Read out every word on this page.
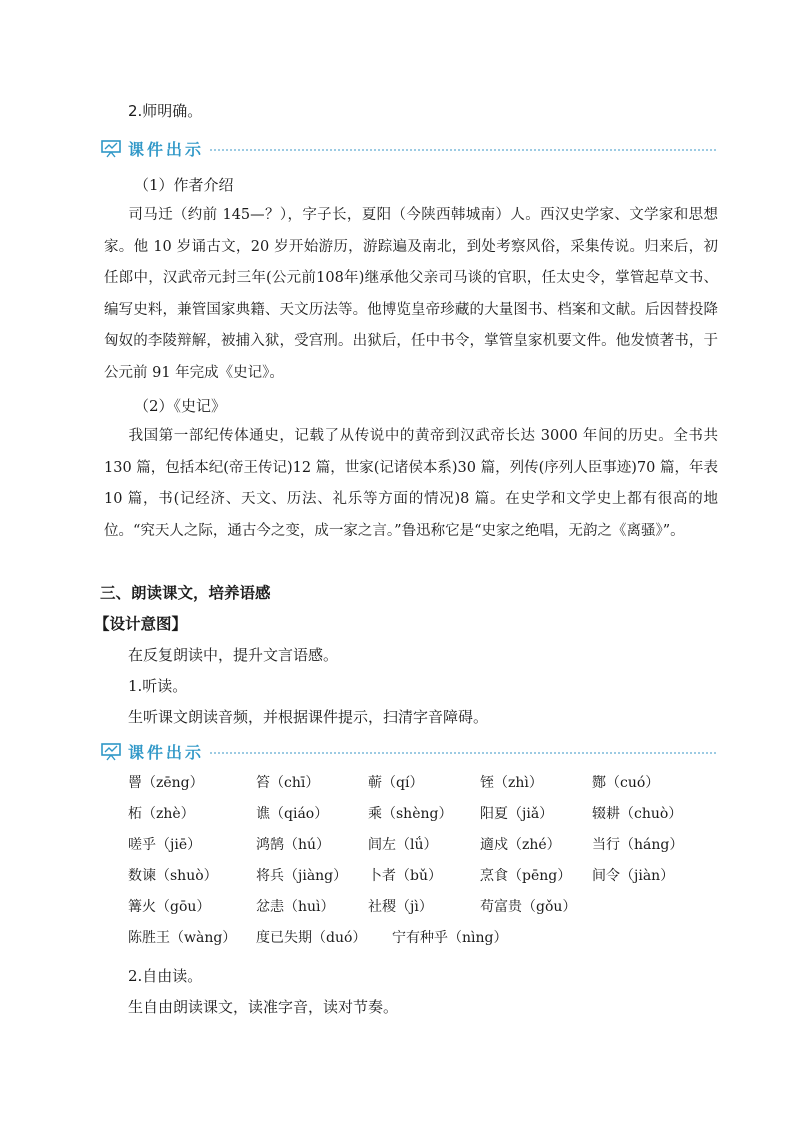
2.师明确。
课件出示
（1）作者介绍
司马迁（约前 145—？），字子长，夏阳（今陕西韩城南）人。西汉史学家、文学家和思想家。他 10 岁诵古文，20 岁开始游历，游踪遍及南北，到处考察风俗，采集传说。归来后，初任郎中，汉武帝元封三年(公元前108年)继承他父亲司马谈的官职，任太史令，掌管起草文书、编写史料，兼管国家典籍、天文历法等。他博览皇帝珍藏的大量图书、档案和文献。后因替投降匈奴的李陵辩解，被捕入狱，受宫刑。出狱后，任中书令，掌管皇家机要文件。他发愤著书，于公元前 91 年完成《史记》。
（2）《史记》
我国第一部纪传体通史，记载了从传说中的黄帝到汉武帝长达 3000 年间的历史。全书共 130 篇，包括本纪(帝王传记)12 篇，世家(记诸侯本系)30 篇，列传(序列人臣事迹)70 篇，年表 10 篇，书(记经济、天文、历法、礼乐等方面的情况)8 篇。在史学和文学史上都有很高的地位。“究天人之际，通古今之变，成一家之言。”鲁迅称它是“史家之绝唱，无韵之《离骚》”。
三、朗读课文，培养语感
【设计意图】
在反复朗读中，提升文言语感。
1.听读。
生听课文朗读音频，并根据课件提示，扫清字音障碍。
课件出示
罾（zēng）	笞（chī）	蕲（qí）	铚（zhì）	酂（cuó）
柘（zhè）	谯（qiáo）	乘（shèng） 阳夏（jiǎ）	辍耕（chuò）
嗟乎（jiē）	鸿鹄（hú）	闾左（lǘ）	適戍（zhé） 当行（háng）
数谏（shuò）	将兵（jiàng） 卜者（bǔ）	烹食（pēng） 间令（jiàn）
篝火（gōu）	忿恚（huì） 社稷（jì）	苟富贵（gǒu）
陈胜王（wàng） 度已失期（duó） 宁有种乎（nìng）
2.自由读。
生自由朗读课文，读准字音，读对节奏。
